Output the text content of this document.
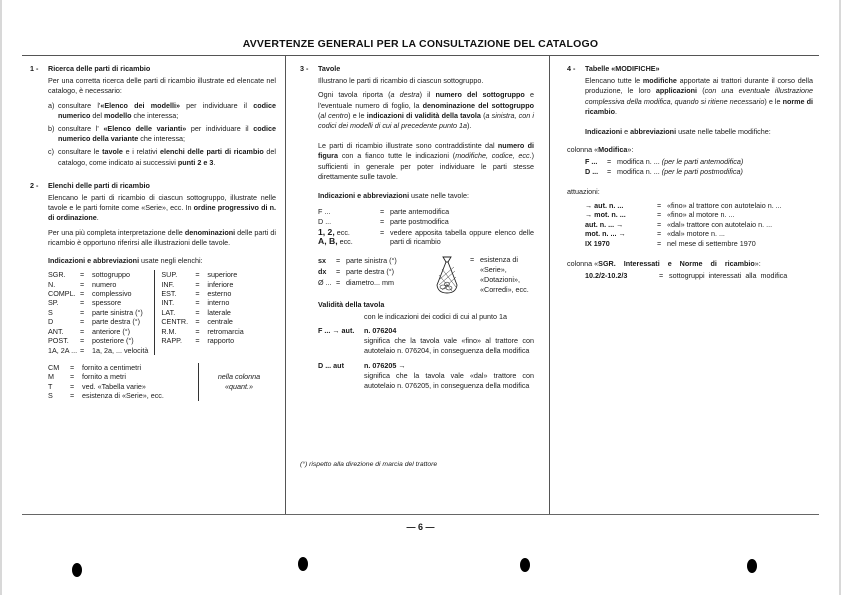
AVVERTENZE GENERALI PER LA CONSULTAZIONE DEL CATALOGO
— 6 —
1 -	Ricerca delle parti di ricambio

Per una corretta ricerca delle parti di ricambio illustrate ed elencate nel catalogo, è necessario:

a) consultare l'«Elenco dei modelli» per individuare il codice numerico del modello che interessa;
b) consultare l' «Elenco delle varianti» per individuare il codice numerico della variante che interessa;
c) consultare le tavole e i relativi elenchi delle parti di ricambio del catalogo, come indicato ai successivi punti 2 e 3.
2 -	Elenchi delle parti di ricambio

Elencano le parti di ricambio di ciascun sottogruppo, illustrate nelle tavole e le parti fornite come «Serie», ecc. In ordine progressivo di n. di ordinazione.

Per una più completa interpretazione delle denominazioni delle parti di ricambio è opportuno riferirsi alle illustrazioni delle tavole.

Indicazioni e abbreviazioni usate negli elenchi:
SGR.	=	sottogruppo
N.	=	numero
COMPL. =	complessivo
SP.	=	spessore
S	=	parte sinistra (°)
D	=	parte destra (°)
ANT.	=	anteriore (°)
POST.	=	posteriore (°)
1A, 2A ... =	1a, 2a, ... velocità
SUP.	=	superiore
INF.	=	inferiore
EST.	=	esterno
INT.	=	interno
LAT.	=	laterale
CENTR.	=	centrale
R.M.	=	retromarcia
RAPP.	=	rapporto
CM	=	fornito a centimetri
M	=	fornito a metri
T	=	ved. «Tabella varie»
S	=	esistenza di «Serie», ecc.
nella colonna
«quant.»
3 -	Tavole

Illustrano le parti di ricambio di ciascun sottogruppo.

Ogni tavola riporta (a destra) il numero del sottogruppo e l'eventuale numero di foglio, la denominazione del sottogruppo (al centro) e le indicazioni di validità della tavola (a sinistra, con i codici dei modelli di cui al precedente punto 1a).

Le parti di ricambio illustrate sono contraddistinte dal numero di figura con a fianco tutte le indicazioni (modifiche, codice, ecc.) sufficienti in generale per poter individuare le parti stesse direttamente sulle tavole.

Indicazioni e abbreviazioni usate nelle tavole:
F ...	= parte antemodifica
D ...	= parte postmodifica
1, 2, ecc.
A, B, ecc.
= vedere apposita tabella oppure elenco delle parti di ricambio
sx	= parte sinistra (°)
dx	= parte destra (°)
Ø ... = diametro... mm
= esistenza di «Serie», «Dotazioni», «Corredi», ecc.
Validità della tavola
con le indicazioni dei codici di cui al punto 1a
F ... → aut.	n. 076204
significa che la tavola vale «fino» al trattore con autotelaio n. 076204, in conseguenza della modifica
D ... aut	n. 076205 →
significa che la tavola vale «dal» trattore con autotelaio n. 076205, in conseguenza della modifica
(°) rispetto alla direzione di marcia del trattore
4 -	Tabelle «MODIFICHE»

Elencano tutte le modifiche apportate ai trattori durante il corso della produzione, le loro applicazioni (con una eventuale illustrazione complessiva della modifica, quando si ritiene necessario) e le norme di ricambio.

Indicazioni e abbreviazioni usate nelle tabelle modifiche:

colonna «Modifica»:
F ...	= modifica n. ... (per le parti antemodifica)
D ...	= modifica n. ... (per le parti postmodifica)
attuazioni:
→ aut. n. ...	= «fino» al trattore con autotelaio n. ...
→ mot. n. ...	= «fino» al motore n. ...
aut. n. ... →	= «dal» trattore con autotelaio n. ...
mot. n. ... →	= «dal» motore n. ...
IX 1970	= nel mese di settembre 1970
colonna «SGR. Interessati e Norme di ricambio»:
10.2/2-10.2/3	= sottogruppi interessati alla modifica
